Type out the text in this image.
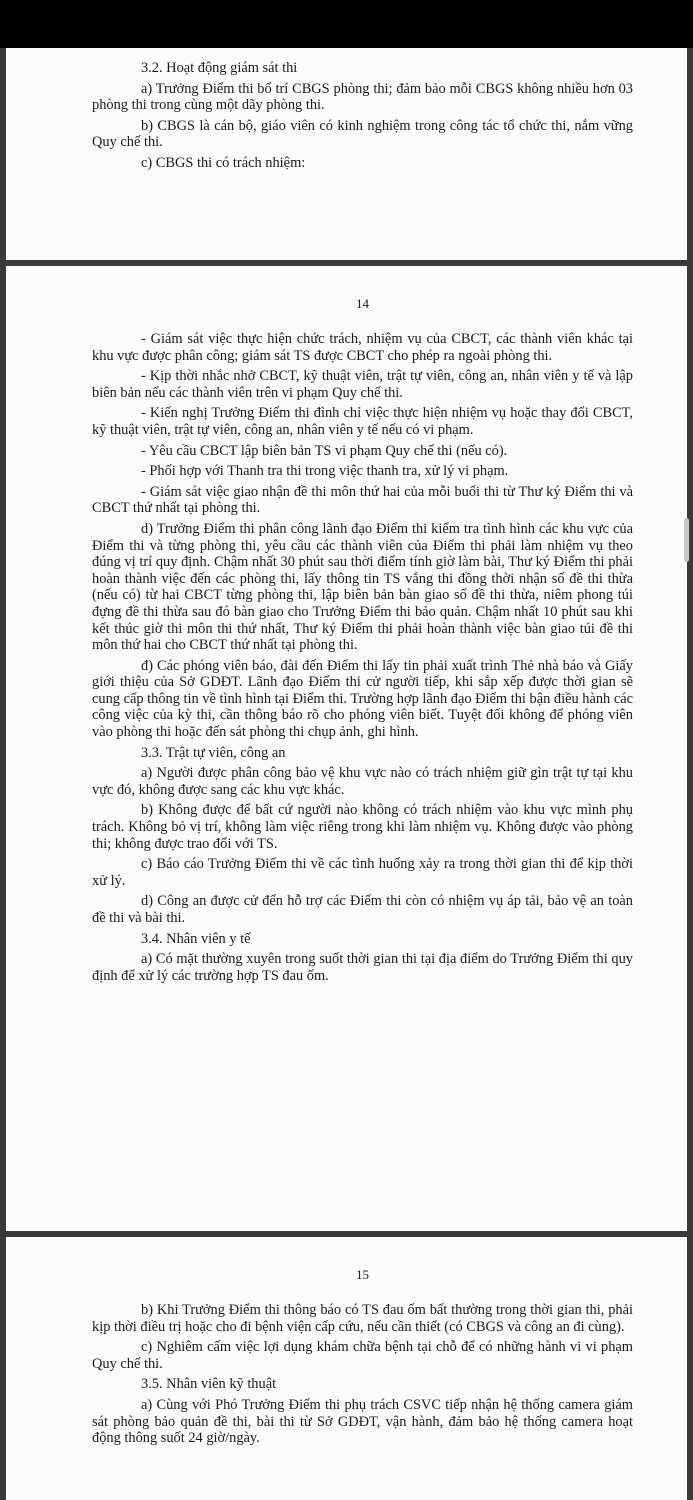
3.2. Hoạt động giám sát thi

a) Trưởng Điểm thi bố trí CBGS phòng thi; đảm bảo mỗi CBGS không nhiều hơn 03 phòng thi trong cùng một dãy phòng thi.

b) CBGS là cán bộ, giáo viên có kinh nghiệm trong công tác tổ chức thi, nắm vững Quy chế thi.

c) CBGS thi có trách nhiệm:

14

- Giám sát việc thực hiện chức trách, nhiệm vụ của CBCT, các thành viên khác tại khu vực được phân công; giám sát TS được CBCT cho phép ra ngoài phòng thi.

- Kịp thời nhắc nhở CBCT, kỹ thuật viên, trật tự viên, công an, nhân viên y tế và lập biên bản nếu các thành viên trên vi phạm Quy chế thi.

- Kiến nghị Trưởng Điểm thi đình chỉ việc thực hiện nhiệm vụ hoặc thay đổi CBCT, kỹ thuật viên, trật tự viên, công an, nhân viên y tế nếu có vi phạm.

- Yêu cầu CBCT lập biên bản TS vi phạm Quy chế thi (nếu có).

- Phối hợp với Thanh tra thi trong việc thanh tra, xử lý vi phạm.

- Giám sát việc giao nhận đề thi môn thứ hai của mỗi buổi thi từ Thư ký Điểm thi và CBCT thứ nhất tại phòng thi.

d) Trưởng Điểm thi phân công lãnh đạo Điểm thi kiểm tra tình hình các khu vực của Điểm thi và từng phòng thi, yêu cầu các thành viên của Điểm thi phải làm nhiệm vụ theo đúng vị trí quy định. Chậm nhất 30 phút sau thời điểm tính giờ làm bài, Thư ký Điểm thi phải hoàn thành việc đến các phòng thi, lấy thông tin TS vắng thi đồng thời nhận số đề thi thừa (nếu có) từ hai CBCT từng phòng thi, lập biên bản bàn giao số đề thi thừa, niêm phong túi đựng đề thi thừa sau đó bàn giao cho Trưởng Điểm thi bảo quản. Chậm nhất 10 phút sau khi kết thúc giờ thi môn thi thứ nhất, Thư ký Điểm thi phải hoàn thành việc bàn giao túi đề thi môn thứ hai cho CBCT thứ nhất tại phòng thi.

đ) Các phóng viên báo, đài đến Điểm thi lấy tin phải xuất trình Thẻ nhà báo và Giấy giới thiệu của Sở GDĐT. Lãnh đạo Điểm thi cử người tiếp, khi sắp xếp được thời gian sẽ cung cấp thông tin về tình hình tại Điểm thi. Trường hợp lãnh đạo Điểm thi bận điều hành các công việc của kỳ thi, cần thông báo rõ cho phóng viên biết. Tuyệt đối không để phóng viên vào phòng thi hoặc đến sát phòng thi chụp ảnh, ghi hình.

3.3. Trật tự viên, công an

a) Người được phân công bảo vệ khu vực nào có trách nhiệm giữ gìn trật tự tại khu vực đó, không được sang các khu vực khác.

b) Không được để bất cứ người nào không có trách nhiệm vào khu vực mình phụ trách. Không bỏ vị trí, không làm việc riêng trong khi làm nhiệm vụ. Không được vào phòng thi; không được trao đổi với TS.

c) Báo cáo Trưởng Điểm thi về các tình huống xảy ra trong thời gian thi để kịp thời xử lý.

d) Công an được cử đến hỗ trợ các Điểm thi còn có nhiệm vụ áp tải, bảo vệ an toàn đề thi và bài thi.

3.4. Nhân viên y tế

a) Có mặt thường xuyên trong suốt thời gian thi tại địa điểm do Trưởng Điểm thi quy định để xử lý các trường hợp TS đau ốm.

15

b) Khi Trưởng Điểm thi thông báo có TS đau ốm bất thường trong thời gian thi, phải kịp thời điều trị hoặc cho đi bệnh viện cấp cứu, nếu cần thiết (có CBGS và công an đi cùng).

c) Nghiêm cấm việc lợi dụng khám chữa bệnh tại chỗ để có những hành vi vi phạm Quy chế thi.

3.5. Nhân viên kỹ thuật

a) Cùng với Phó Trưởng Điểm thi phụ trách CSVC tiếp nhận hệ thống camera giám sát phòng bảo quản đề thi, bài thi từ Sở GDĐT, vận hành, đảm bảo hệ thống camera hoạt động thông suốt 24 giờ/ngày.
